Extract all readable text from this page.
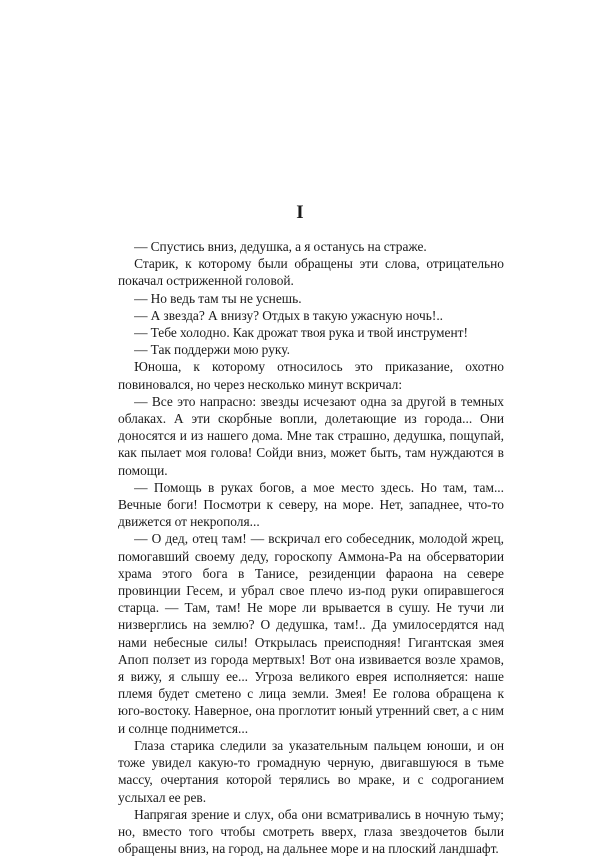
I

— Спустись вниз, дедушка, а я останусь на страже.

Старик, к которому были обращены эти слова, отрицательно покачал остриженной головой.

— Но ведь там ты не уснешь.

— А звезда? А внизу? Отдых в такую ужасную ночь!..

— Тебе холодно. Как дрожат твоя рука и твой инструмент!

— Так поддержи мою руку.

Юноша, к которому относилось это приказание, охотно повиновался, но через несколько минут вскричал:

— Все это напрасно: звезды исчезают одна за другой в темных облаках. А эти скорбные вопли, долетающие из города... Они доносятся и из нашего дома. Мне так страшно, дедушка, пощупай, как пылает моя голова! Сойди вниз, может быть, там нуждаются в помощи.

— Помощь в руках богов, а мое место здесь. Но там, там... Вечные боги! Посмотри к северу, на море. Нет, западнее, что-то движется от некрополя...

— О дед, отец там! — вскричал его собеседник, молодой жрец, помогавший своему деду, гороскопу Аммона-Ра на обсерватории храма этого бога в Танисе, резиденции фараона на севере провинции Гесем, и убрал свое плечо из-под руки опиравшегося старца. — Там, там! Не море ли врывается в сушу. Не тучи ли низверглись на землю? О дедушка, там!.. Да умилосердятся над нами небесные силы! Открылась преисподняя! Гигантская змея Апоп ползет из города мертвых! Вот она извивается возле храмов, я вижу, я слышу ее... Угроза великого еврея исполняется: наше племя будет сметено с лица земли. Змея! Ее голова обращена к юго-востоку. Наверное, она проглотит юный утренний свет, а с ним и солнце поднимется...

Глаза старика следили за указательным пальцем юноши, и он тоже увидел какую-то громадную черную, двигавшуюся в тьме массу, очертания которой терялись во мраке, и с содроганием услыхал ее рев.

Напрягая зрение и слух, оба они всматривались в ночную тьму; но, вместо того чтобы смотреть вверх, глаза звездочетов были обращены вниз, на город, на дальнее море и на плоский ландшафт.
